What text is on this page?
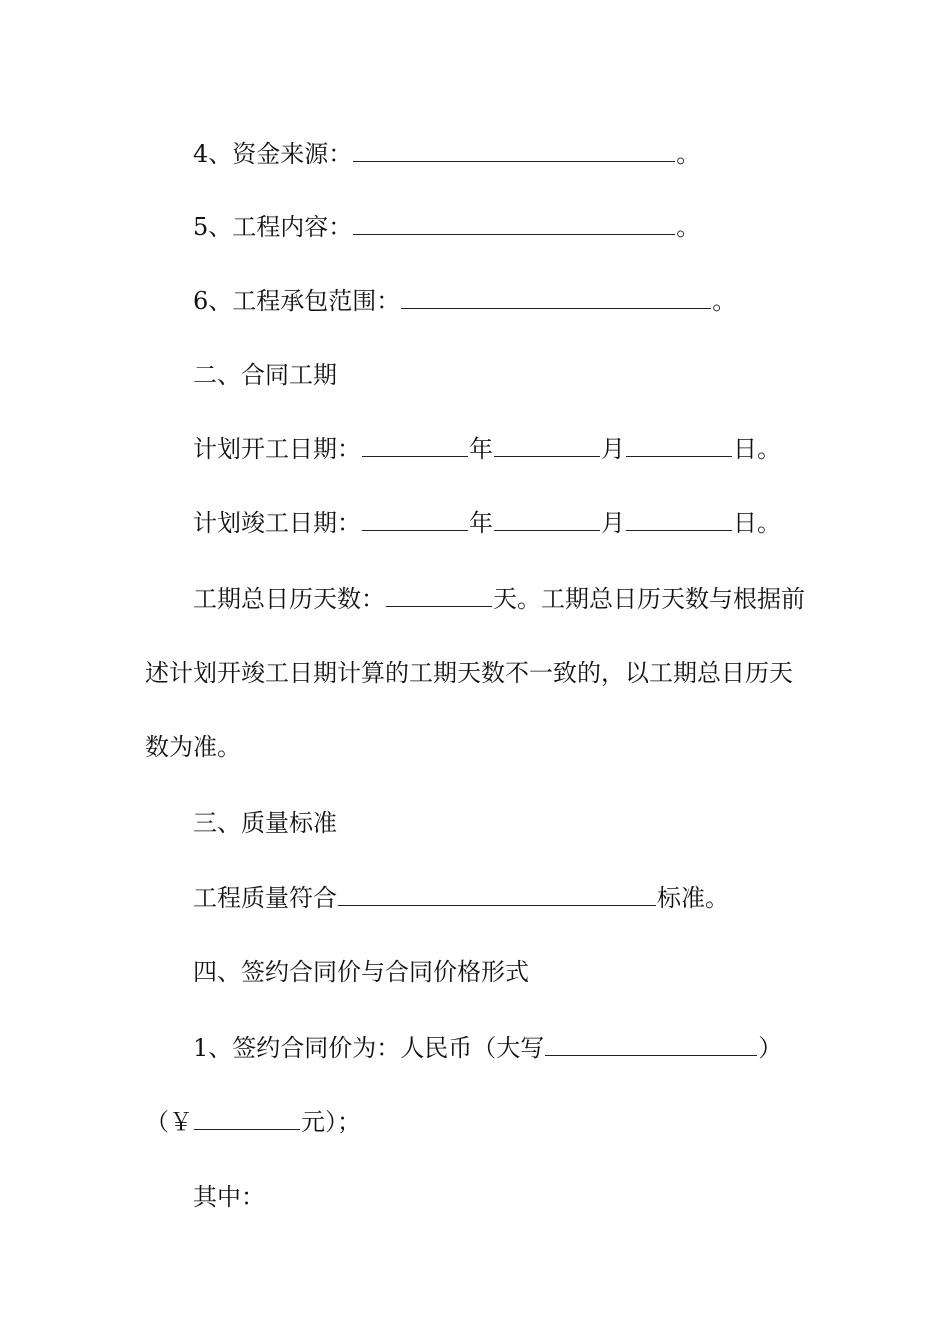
4、资金来源：	。
5、工程内容：	。
6、工程承包范围：	。
二、合同工期
计划开工日期：	年	月	日。
计划竣工日期：	年	月	日。
工期总日历天数：	天。工期总日历天数与根据前
述计划开竣工日期计算的工期天数不一致的，以工期总日历天
数为准。
三、质量标准
工程质量符合	标准。
四、签约合同价与合同价格形式
1、签约合同价为：人民币（大写	）
（￥	元）；
其中：
